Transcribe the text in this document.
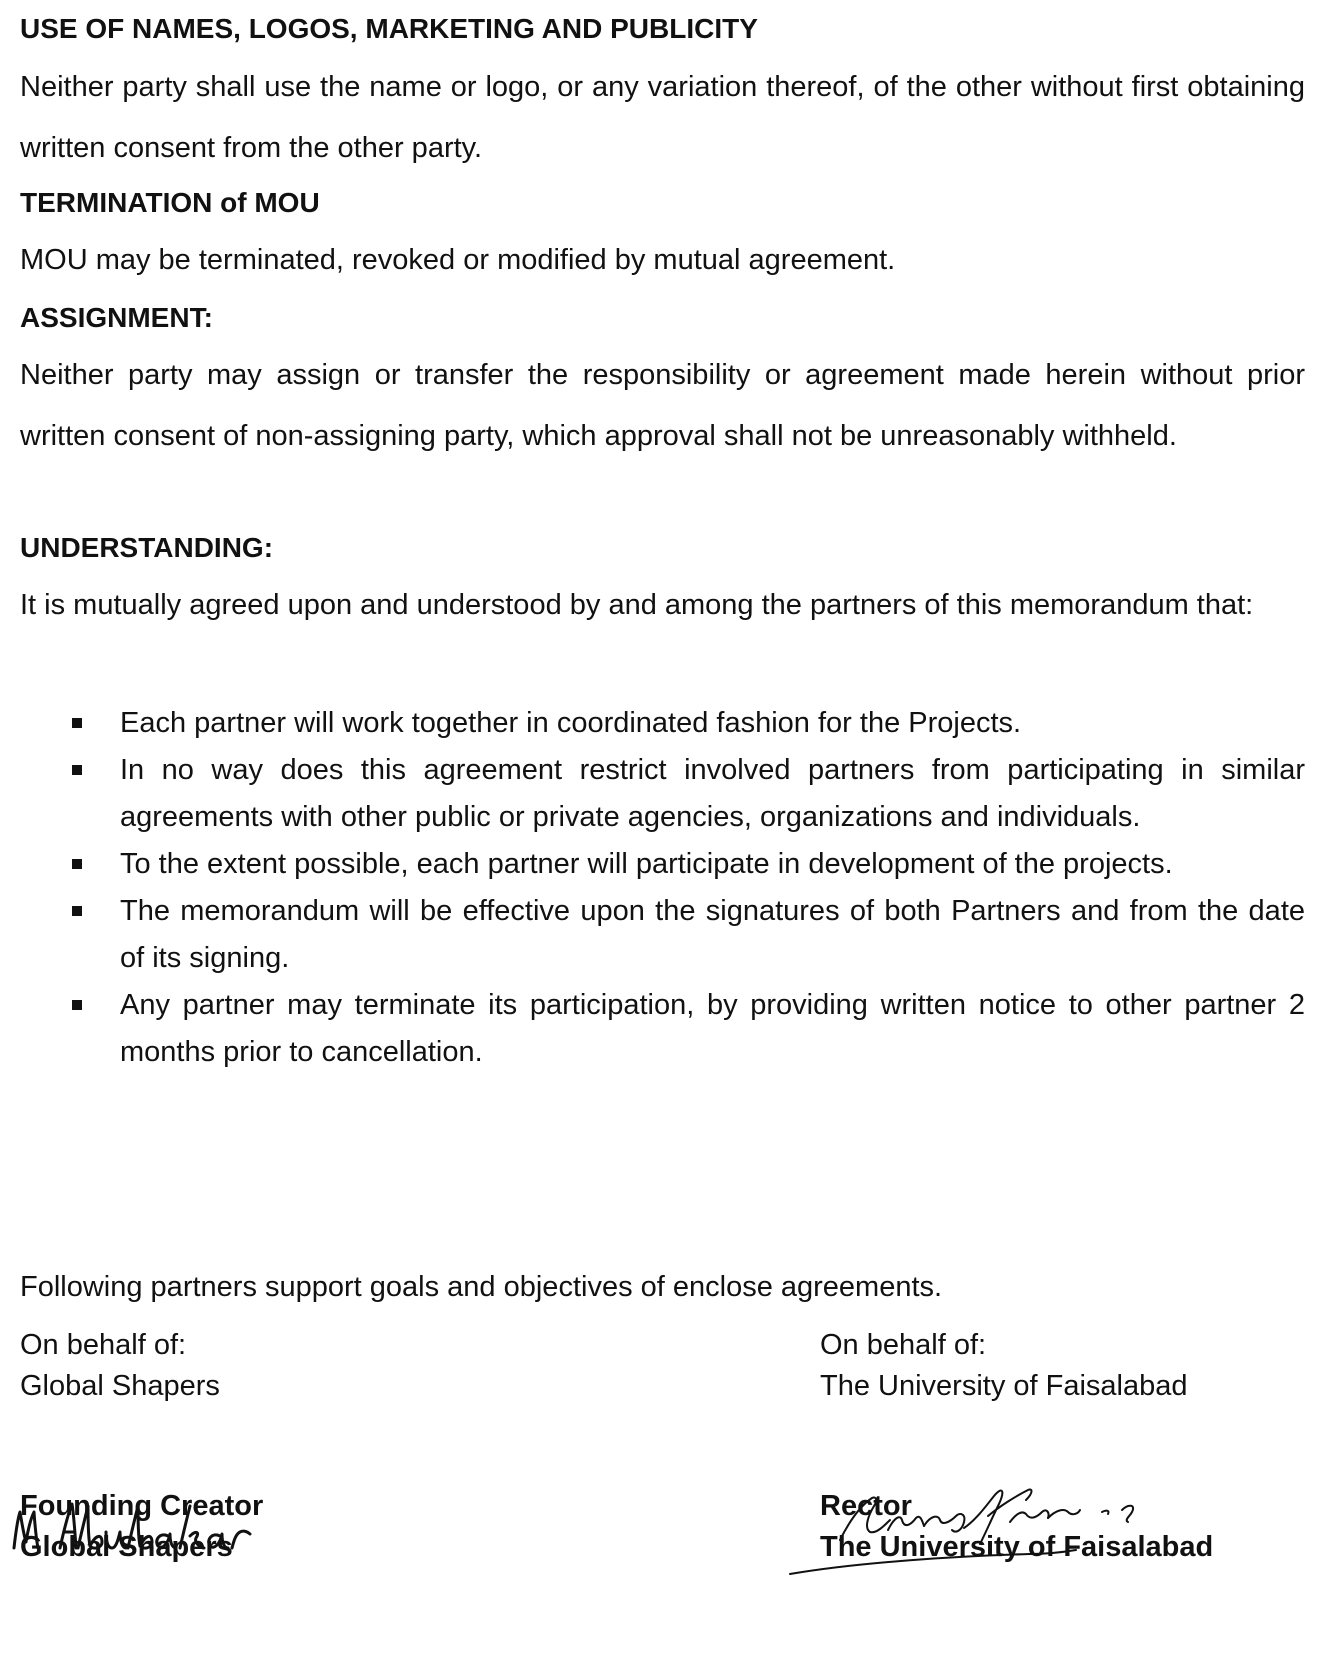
USE OF NAMES, LOGOS, MARKETING AND PUBLICITY
Neither party shall use the name or logo, or any variation thereof, of the other without first obtaining written consent from the other party.
TERMINATION of MOU
MOU may be terminated, revoked or modified by mutual agreement.
ASSIGNMENT:
Neither party may assign or transfer the responsibility or agreement made herein without prior written consent of non-assigning party, which approval shall not be unreasonably withheld.
UNDERSTANDING:
It is mutually agreed upon and understood by and among the partners of this memorandum that:
Each partner will work together in coordinated fashion for the Projects.
In no way does this agreement restrict involved partners from participating in similar agreements with other public or private agencies, organizations and individuals.
To the extent possible, each partner will participate in development of the projects.
The memorandum will be effective upon the signatures of both Partners and from the date of its signing.
Any partner may terminate its participation, by providing written notice to other partner 2 months prior to cancellation.
Following partners support goals and objectives of enclose agreements.
On behalf of:
Global Shapers
Founding Creator
Global Shapers
On behalf of:
The University of Faisalabad
Rector
The University of Faisalabad
